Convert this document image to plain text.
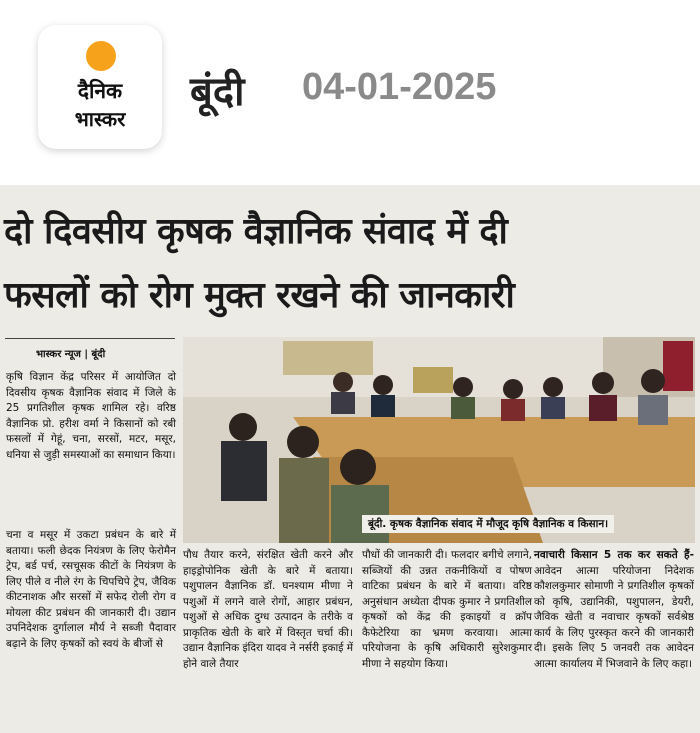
दैनिक
भास्कर
बूंदी 04-01-2025
दो दिवसीय कृषक वैज्ञानिक संवाद में दी
फसलों को रोग मुक्त रखने की जानकारी
भास्कर न्यूज | बूंदी
कृषि विज्ञान केंद्र परिसर में आयोजित दो दिवसीय कृषक वैज्ञानिक संवाद में जिले के 25 प्रगतिशील कृषक शामिल रहे। वरिष्ठ वैज्ञानिक प्रो. हरीश वर्मा ने किसानों को रबी फसलों में गेहूं, चना, सरसों, मटर, मसूर, धनिया से जुड़ी समस्याओं का समाधान किया।
चना व मसूर में उकटा प्रबंधन के बारे में बताया। फली छेदक नियंत्रण के लिए फेरोमैन ट्रेप, बर्ड पर्च, रसचूसक कीटों के नियंत्रण के लिए पीले व नीले रंग के चिपचिपे ट्रेप, जैविक कीटनाशक और सरसों में सफेद रोली रोग व मोयला कीट प्रबंधन की जानकारी दी। उद्यान उपनिदेशक दुर्गालाल मौर्य ने सब्जी पैदावार बढ़ाने के लिए कृषकों को स्वयं के बीजों से
बूंदी. कृषक वैज्ञानिक संवाद में मौजूद कृषि वैज्ञानिक व किसान।
पौध तैयार करने, संरक्षित खेती करने और हाइड्रोपोनिक खेती के बारे में बताया। पशुपालन वैज्ञानिक डॉ. घनश्याम मीणा ने पशुओं में लगने वाले रोगों, आहार प्रबंधन, पशुओं से अधिक दुग्ध उत्पादन के तरीके व प्राकृतिक खेती के बारे में विस्तृत चर्चा की। उद्यान वैज्ञानिक इंदिरा यादव ने नर्सरी इकाई में होने वाले तैयार
पौधों की जानकारी दी। फलदार बगीचे लगाने, सब्जियों की उन्नत तकनीकियों व पोषण वाटिका प्रबंधन के बारे में बताया। वरिष्ठ अनुसंधान अध्येता दीपक कुमार ने प्रगतिशील कृषकों को केंद्र की इकाइयों व क्रॉप कैफेटेरिया का भ्रमण करवाया। आत्मा परियोजना के कृषि अधिकारी सुरेशकुमार मीणा ने सहयोग किया।
नवाचारी किसान 5 तक कर सकते हैं- आवेदन आत्मा परियोजना निदेशक कौशलकुमार सोमाणी ने प्रगतिशील कृषकों को कृषि, उद्यानिकी, पशुपालन, डेयरी, जैविक खेती व नवाचार कृषकों सर्वश्रेष्ठ कार्य के लिए पुरस्कृत करने की जानकारी दी। इसके लिए 5 जनवरी तक आवेदन आत्मा कार्यालय में भिजवाने के लिए कहा।
